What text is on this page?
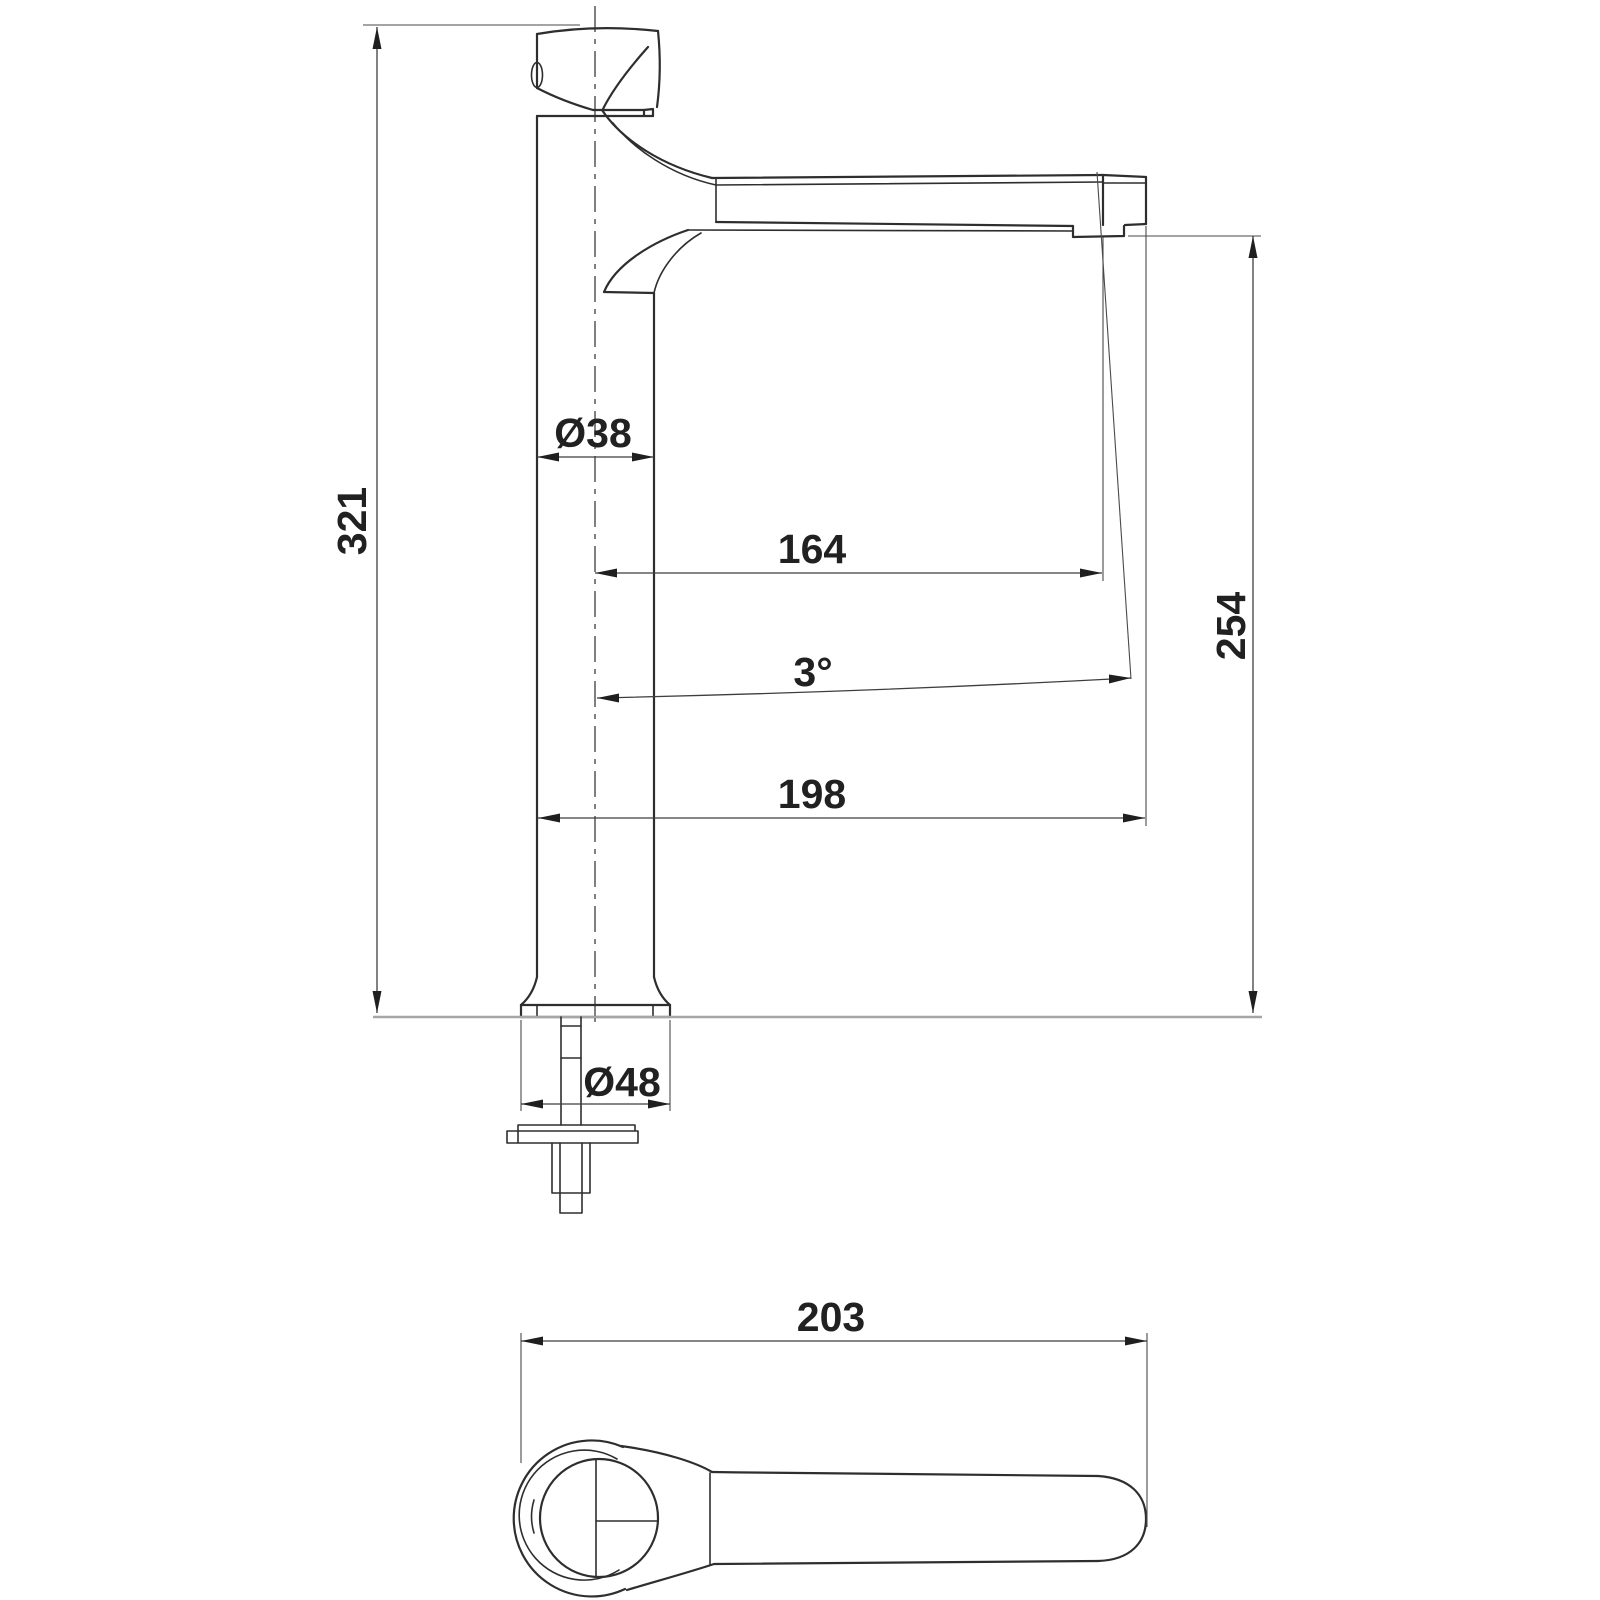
321
Ø38
164
3°
198
254
Ø48
203
